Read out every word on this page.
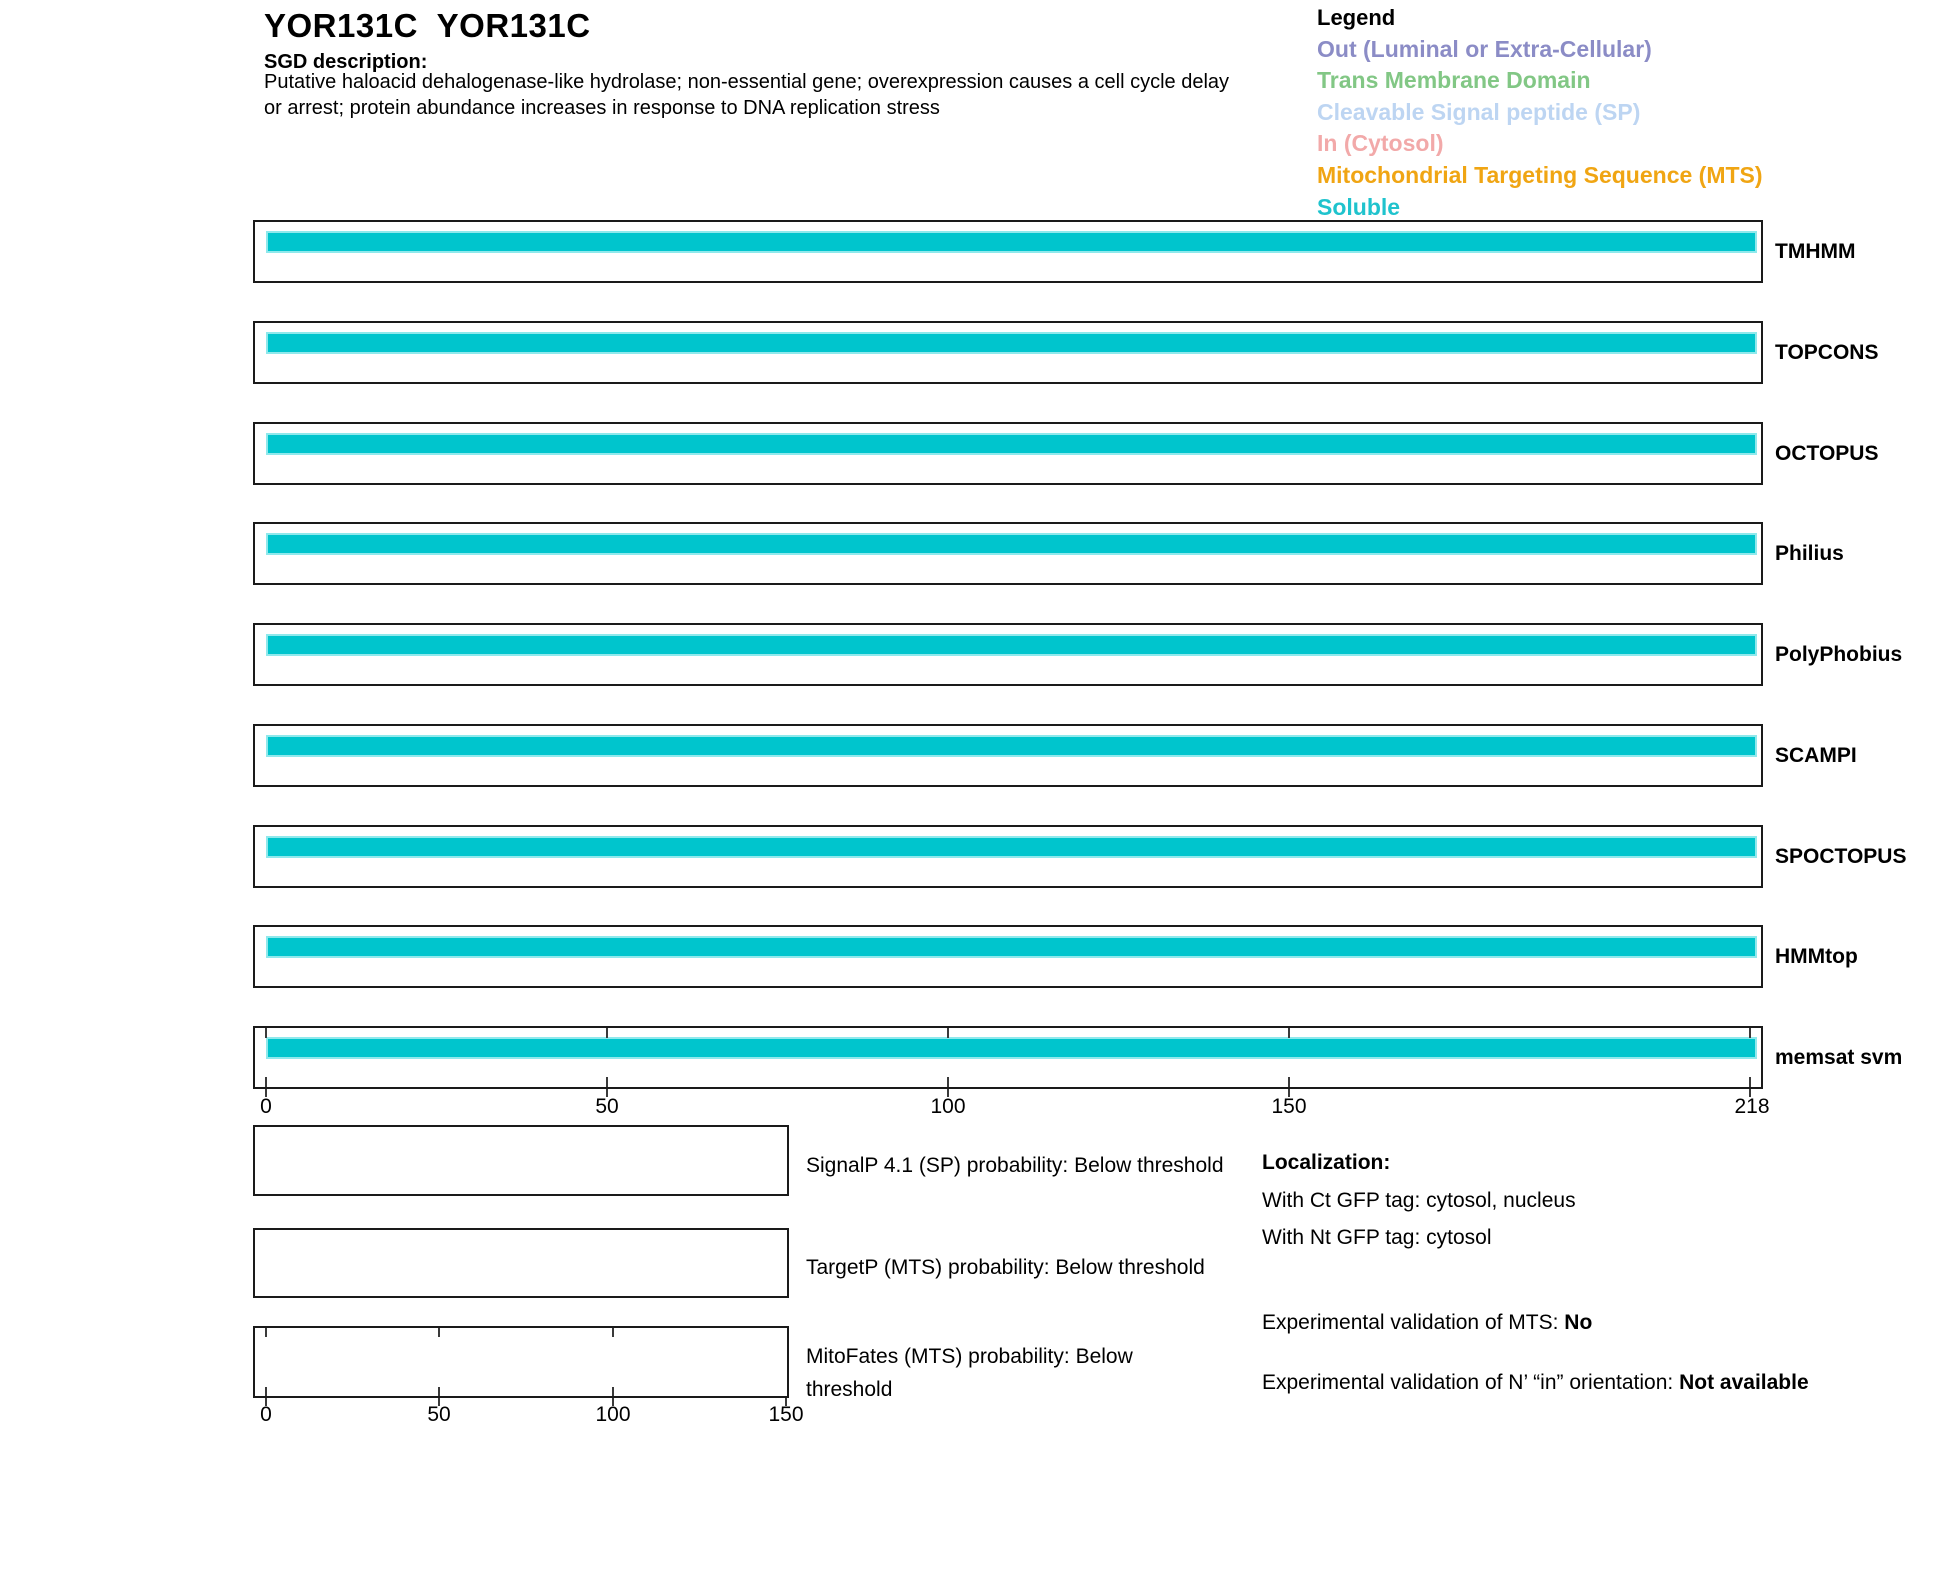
YOR131C  YOR131C
SGD description:
Putative haloacid dehalogenase-like hydrolase; non-essential gene; overexpression causes a cell cycle delay
or arrest; protein abundance increases in response to DNA replication stress
Legend
Out (Luminal or Extra-Cellular)
Trans Membrane Domain
Cleavable Signal peptide (SP)
In (Cytosol)
Mitochondrial Targeting Sequence (MTS)
Soluble
TMHMM
TOPCONS
OCTOPUS
Philius
PolyPhobius
SCAMPI
SPOCTOPUS
HMMtop
memsat svm
0	50	100	150	218
SignalP 4.1 (SP) probability: Below threshold
TargetP (MTS) probability: Below threshold
MitoFates (MTS) probability: Below threshold
0	50	100	150
Localization:
With Ct GFP tag: cytosol, nucleus
With Nt GFP tag: cytosol
Experimental validation of MTS: No
Experimental validation of N’ “in” orientation: Not available
